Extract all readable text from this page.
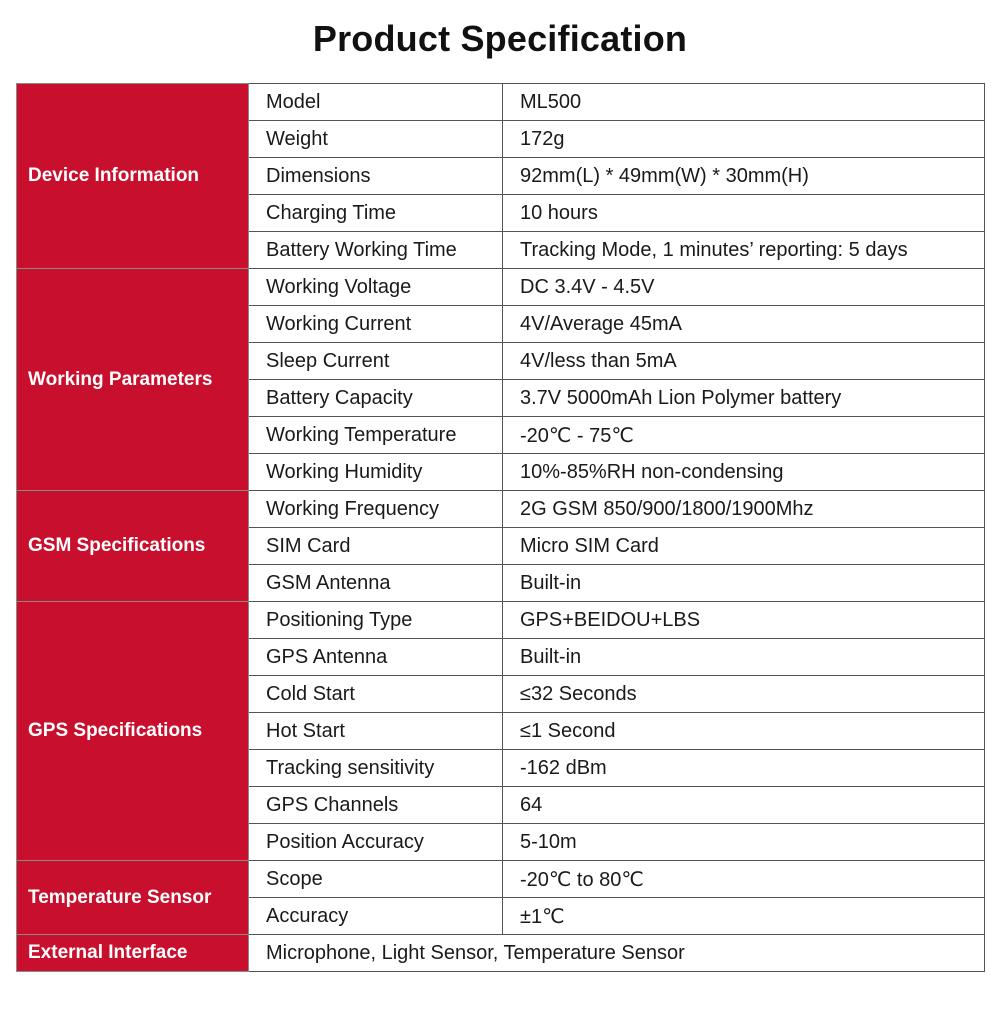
Product Specification
Device Information	Model	ML500
	Weight	172g
	Dimensions	92mm(L) * 49mm(W) * 30mm(H)
	Charging Time	10 hours
	Battery Working Time	Tracking Mode, 1 minutes’ reporting: 5 days
Working Parameters	Working Voltage	DC 3.4V - 4.5V
	Working Current	4V/Average 45mA
	Sleep Current	4V/less than 5mA
	Battery Capacity	3.7V 5000mAh Lion Polymer battery
	Working Temperature	-20℃ - 75℃
	Working Humidity	10%-85%RH non-condensing
GSM Specifications	Working Frequency	2G GSM 850/900/1800/1900Mhz
	SIM Card	Micro SIM Card
	GSM Antenna	Built-in
GPS Specifications	Positioning Type	GPS+BEIDOU+LBS
	GPS Antenna	Built-in
	Cold Start	≤32 Seconds
	Hot Start	≤1 Second
	Tracking sensitivity	-162 dBm
	GPS Channels	64
	Position Accuracy	5-10m
Temperature Sensor	Scope	-20℃ to 80℃
	Accuracy	±1℃
External Interface	Microphone, Light Sensor, Temperature Sensor	
